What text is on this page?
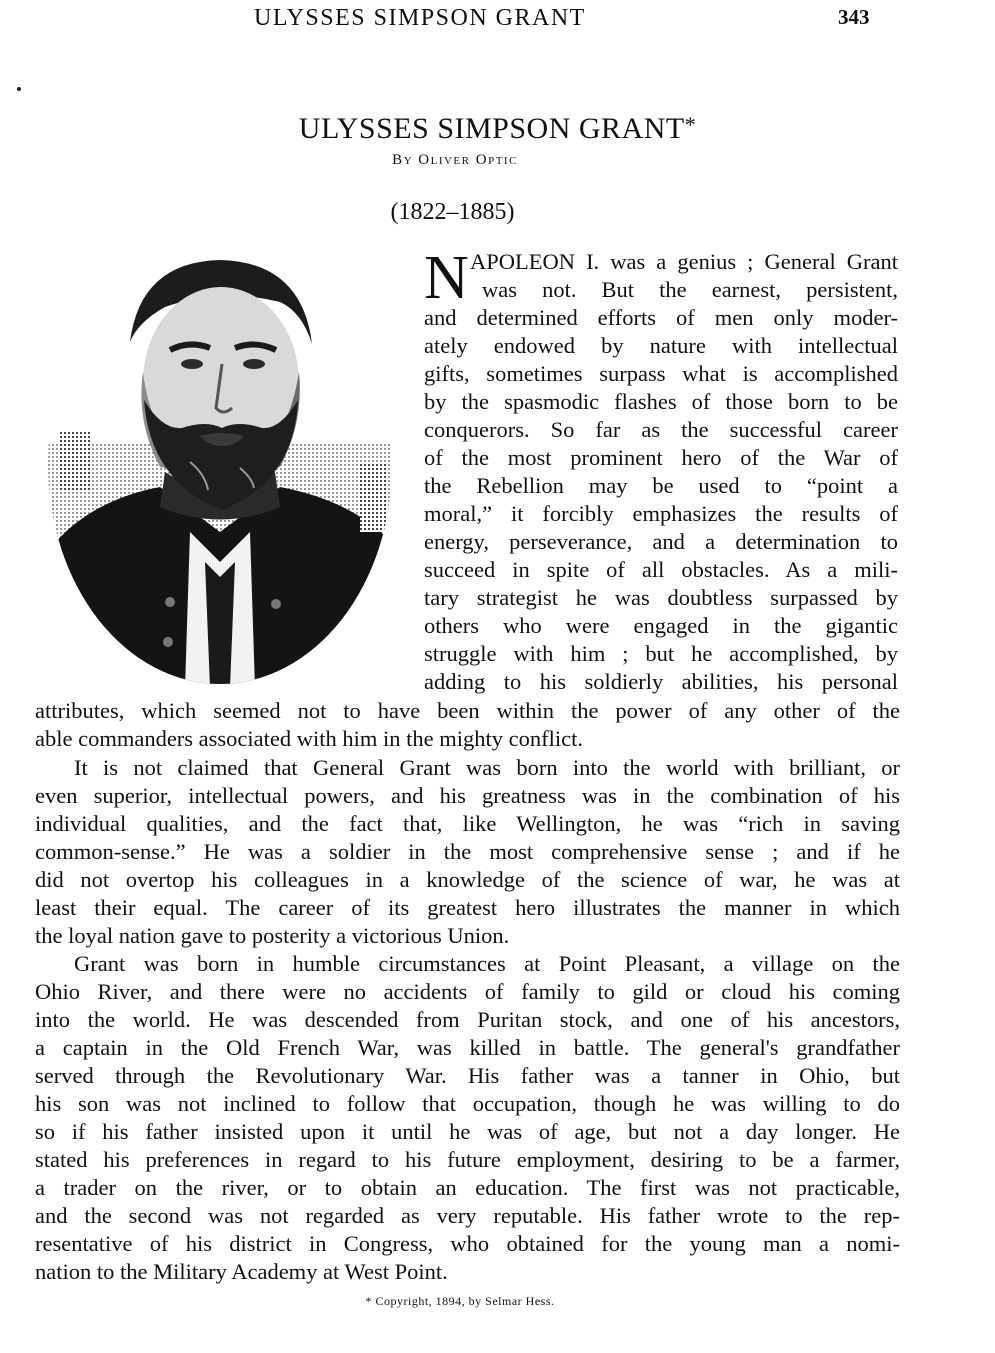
ULYSSES SIMPSON GRANT	343
ULYSSES SIMPSON GRANT*
By Oliver Optic
(1822–1885)
N APOLEON I. was a genius ; General Grant
was not. But the earnest, persistent,
and determined efforts of men only moder-
ately endowed by nature with intellectual
gifts, sometimes surpass what is accomplished
by the spasmodic flashes of those born to be
conquerors. So far as the successful career
of the most prominent hero of the War of
the Rebellion may be used to “point a
moral,” it forcibly emphasizes the results of
energy, perseverance, and a determination to
succeed in spite of all obstacles. As a mili-
tary strategist he was doubtless surpassed by
others who were engaged in the gigantic
struggle with him ; but he accomplished, by
adding to his soldierly abilities, his personal
attributes, which seemed not to have been within the power of any other of the
able commanders associated with him in the mighty conflict.
It is not claimed that General Grant was born into the world with brilliant, or
even superior, intellectual powers, and his greatness was in the combination of his
individual qualities, and the fact that, like Wellington, he was “rich in saving
common-sense.” He was a soldier in the most comprehensive sense ; and if he
did not overtop his colleagues in a knowledge of the science of war, he was at
least their equal. The career of its greatest hero illustrates the manner in which
the loyal nation gave to posterity a victorious Union.
Grant was born in humble circumstances at Point Pleasant, a village on the
Ohio River, and there were no accidents of family to gild or cloud his coming
into the world. He was descended from Puritan stock, and one of his ancestors,
a captain in the Old French War, was killed in battle. The general's grandfather
served through the Revolutionary War. His father was a tanner in Ohio, but
his son was not inclined to follow that occupation, though he was willing to do
so if his father insisted upon it until he was of age, but not a day longer. He
stated his preferences in regard to his future employment, desiring to be a farmer,
a trader on the river, or to obtain an education. The first was not practicable,
and the second was not regarded as very reputable. His father wrote to the rep-
resentative of his district in Congress, who obtained for the young man a nomi-
nation to the Military Academy at West Point.
* Copyright, 1894, by Selmar Hess.
